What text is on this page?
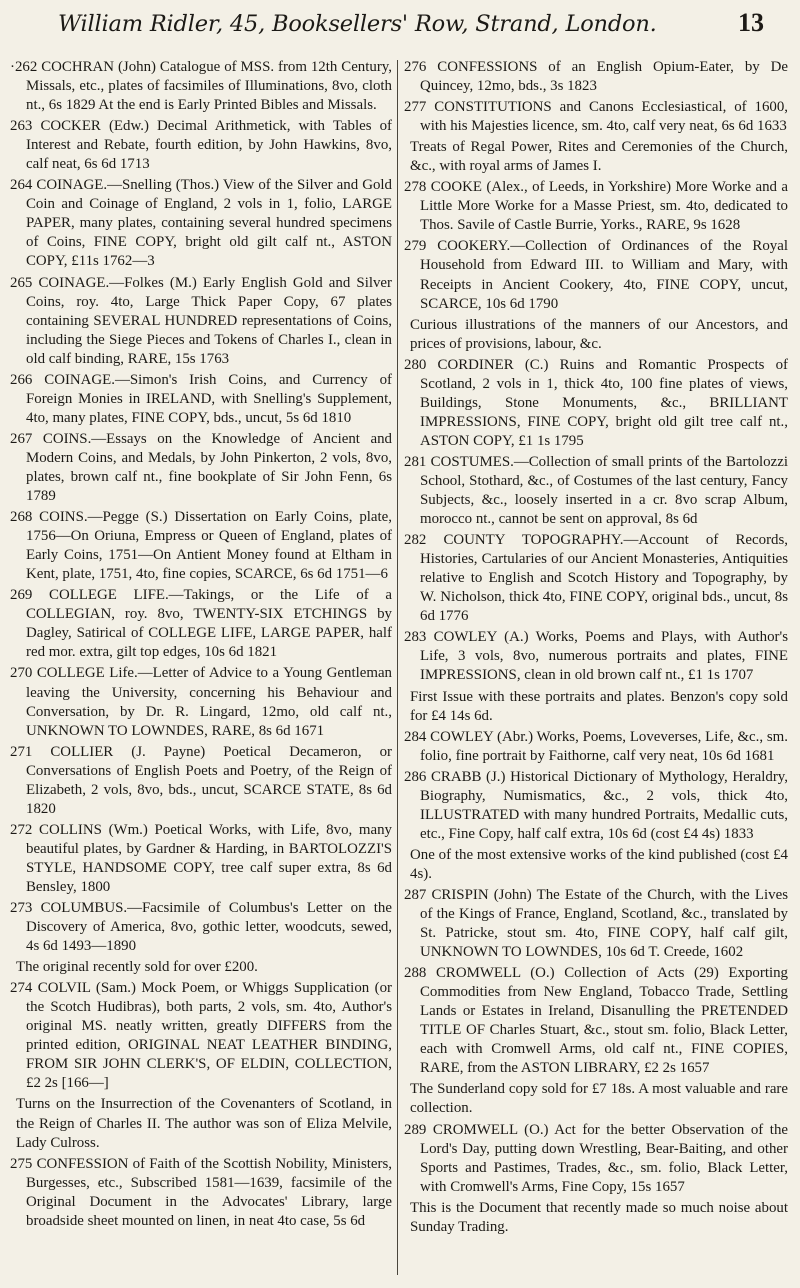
William Ridler, 45, Booksellers' Row, Strand, London.	13

·262 COCHRAN (John) Catalogue of MSS. from 12th Century, Missals, etc., plates of facsimiles of Illuminations, 8vo, cloth nt., 6s 1829 At the end is Early Printed Bibles and Missals.

263 COCKER (Edw.) Decimal Arithmetick, with Tables of Interest and Rebate, fourth edition, by John Hawkins, 8vo, calf neat, 6s 6d 1713

264 COINAGE.—Snelling (Thos.) View of the Silver and Gold Coin and Coinage of England, 2 vols in 1, folio, LARGE PAPER, many plates, containing several hundred specimens of Coins, FINE COPY, bright old gilt calf nt., ASTON COPY, £11s 1762—3

265 COINAGE.—Folkes (M.) Early English Gold and Silver Coins, roy. 4to, Large Thick Paper Copy, 67 plates containing SEVERAL HUNDRED representations of Coins, including the Siege Pieces and Tokens of Charles I., clean in old calf binding, RARE, 15s 1763

266 COINAGE.—Simon's Irish Coins, and Currency of Foreign Monies in IRELAND, with Snelling's Supplement, 4to, many plates, FINE COPY, bds., uncut, 5s 6d 1810

267 COINS.—Essays on the Knowledge of Ancient and Modern Coins, and Medals, by John Pinkerton, 2 vols, 8vo, plates, brown calf nt., fine bookplate of Sir John Fenn, 6s 1789

268 COINS.—Pegge (S.) Dissertation on Early Coins, plate, 1756—On Oriuna, Empress or Queen of England, plates of Early Coins, 1751—On Antient Money found at Eltham in Kent, plate, 1751, 4to, fine copies, SCARCE, 6s 6d 1751—6

269 COLLEGE LIFE.—Takings, or the Life of a COLLEGIAN, roy. 8vo, TWENTY-SIX ETCHINGS by Dagley, Satirical of COLLEGE LIFE, LARGE PAPER, half red mor. extra, gilt top edges, 10s 6d 1821

270 COLLEGE Life.—Letter of Advice to a Young Gentleman leaving the University, concerning his Behaviour and Conversation, by Dr. R. Lingard, 12mo, old calf nt., UNKNOWN TO LOWNDES, RARE, 8s 6d 1671

271 COLLIER (J. Payne) Poetical Decameron, or Conversations of English Poets and Poetry, of the Reign of Elizabeth, 2 vols, 8vo, bds., uncut, SCARCE STATE, 8s 6d 1820

272 COLLINS (Wm.) Poetical Works, with Life, 8vo, many beautiful plates, by Gardner & Harding, in BARTOLOZZI'S STYLE, HANDSOME COPY, tree calf super extra, 8s 6d Bensley, 1800

273 COLUMBUS.—Facsimile of Columbus's Letter on the Discovery of America, 8vo, gothic letter, woodcuts, sewed, 4s 6d 1493—1890

The original recently sold for over £200.

274 COLVIL (Sam.) Mock Poem, or Whiggs Supplication (or the Scotch Hudibras), both parts, 2 vols, sm. 4to, Author's original MS. neatly written, greatly DIFFERS from the printed edition, ORIGINAL NEAT LEATHER BINDING, FROM SIR JOHN CLERK'S, OF ELDIN, COLLECTION, £2 2s [166—]

Turns on the Insurrection of the Covenanters of Scotland, in the Reign of Charles II. The author was son of Eliza Melvile, Lady Culross.

275 CONFESSION of Faith of the Scottish Nobility, Ministers, Burgesses, etc., Subscribed 1581—1639, facsimile of the Original Document in the Advocates' Library, large broadside sheet mounted on linen, in neat 4to case, 5s 6d

276 CONFESSIONS of an English Opium-Eater, by De Quincey, 12mo, bds., 3s 1823

277 CONSTITUTIONS and Canons Ecclesiastical, of 1600, with his Majesties licence, sm. 4to, calf very neat, 6s 6d 1633

Treats of Regal Power, Rites and Ceremonies of the Church, &c., with royal arms of James I.

278 COOKE (Alex., of Leeds, in Yorkshire) More Worke and a Little More Worke for a Masse Priest, sm. 4to, dedicated to Thos. Savile of Castle Burrie, Yorks., RARE, 9s 1628

279 COOKERY.—Collection of Ordinances of the Royal Household from Edward III. to William and Mary, with Receipts in Ancient Cookery, 4to, FINE COPY, uncut, SCARCE, 10s 6d 1790

Curious illustrations of the manners of our Ancestors, and prices of provisions, labour, &c.

280 CORDINER (C.) Ruins and Romantic Prospects of Scotland, 2 vols in 1, thick 4to, 100 fine plates of views, Buildings, Stone Monuments, &c., BRILLIANT IMPRESSIONS, FINE COPY, bright old gilt tree calf nt., ASTON COPY, £1 1s 1795

281 COSTUMES.—Collection of small prints of the Bartolozzi School, Stothard, &c., of Costumes of the last century, Fancy Subjects, &c., loosely inserted in a cr. 8vo scrap Album, morocco nt., cannot be sent on approval, 8s 6d

282 COUNTY TOPOGRAPHY.—Account of Records, Histories, Cartularies of our Ancient Monasteries, Antiquities relative to English and Scotch History and Topography, by W. Nicholson, thick 4to, FINE COPY, original bds., uncut, 8s 6d 1776

283 COWLEY (A.) Works, Poems and Plays, with Author's Life, 3 vols, 8vo, numerous portraits and plates, FINE IMPRESSIONS, clean in old brown calf nt., £1 1s 1707

First Issue with these portraits and plates. Benzon's copy sold for £4 14s 6d.

284 COWLEY (Abr.) Works, Poems, Loveverses, Life, &c., sm. folio, fine portrait by Faithorne, calf very neat, 10s 6d 1681

286 CRABB (J.) Historical Dictionary of Mythology, Heraldry, Biography, Numismatics, &c., 2 vols, thick 4to, ILLUSTRATED with many hundred Portraits, Medallic cuts, etc., Fine Copy, half calf extra, 10s 6d (cost £4 4s) 1833

One of the most extensive works of the kind published (cost £4 4s).

287 CRISPIN (John) The Estate of the Church, with the Lives of the Kings of France, England, Scotland, &c., translated by St. Patricke, stout sm. 4to, FINE COPY, half calf gilt, UNKNOWN TO LOWNDES, 10s 6d T. Creede, 1602

288 CROMWELL (O.) Collection of Acts (29) Exporting Commodities from New England, Tobacco Trade, Settling Lands or Estates in Ireland, Disanulling the PRETENDED TITLE OF Charles Stuart, &c., stout sm. folio, Black Letter, each with Cromwell Arms, old calf nt., FINE COPIES, RARE, from the ASTON LIBRARY, £2 2s 1657

The Sunderland copy sold for £7 18s. A most valuable and rare collection.

289 CROMWELL (O.) Act for the better Observation of the Lord's Day, putting down Wrestling, Bear-Baiting, and other Sports and Pastimes, Trades, &c., sm. folio, Black Letter, with Cromwell's Arms, Fine Copy, 15s 1657

This is the Document that recently made so much noise about Sunday Trading.
